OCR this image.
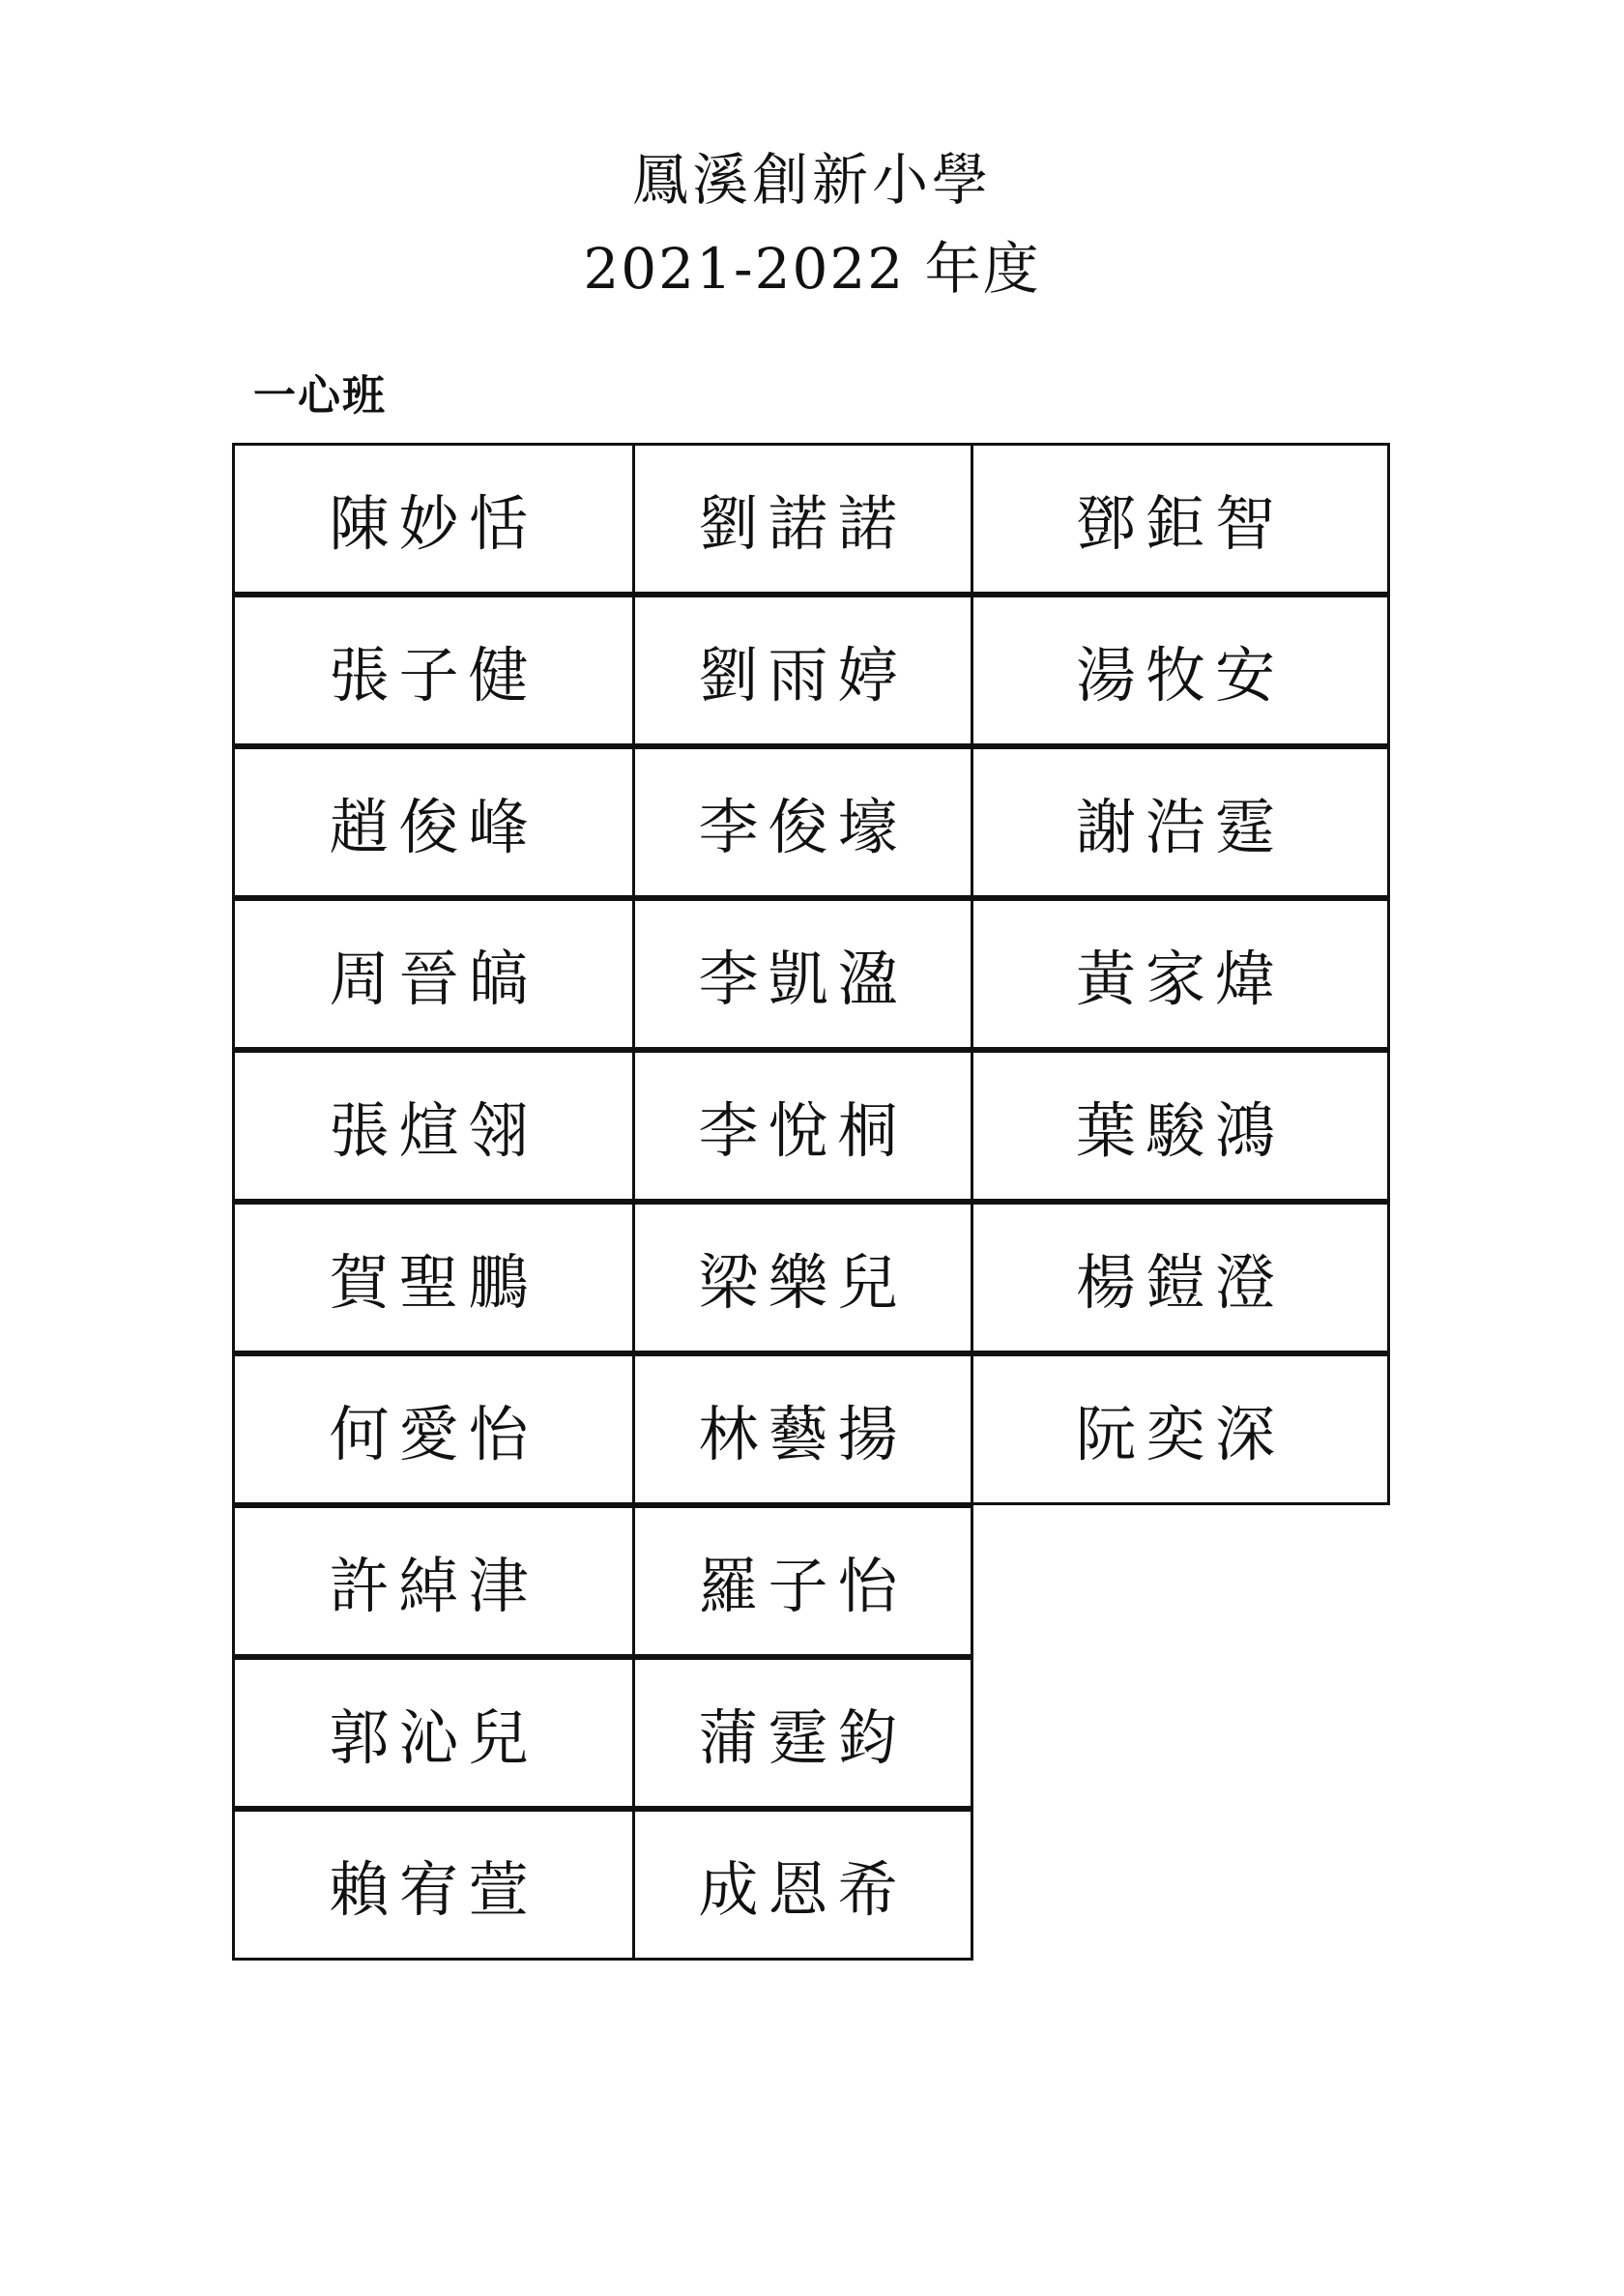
鳳溪創新小學
2021-2022 年度
一心班
陳妙恬	劉諾諾	鄧鉅智
張子健	劉雨婷	湯牧安
趙俊峰	李俊壕	謝浩霆
周晉皜	李凱溋	黃家煒
張煊翎	李悅桐	葉駿鴻
賀聖鵬	梁樂兒	楊鎧澄
何愛怡	林藝揚	阮奕深
許綽津	羅子怡
郭沁兒	蒲霆鈞
賴宥萱	成恩希
